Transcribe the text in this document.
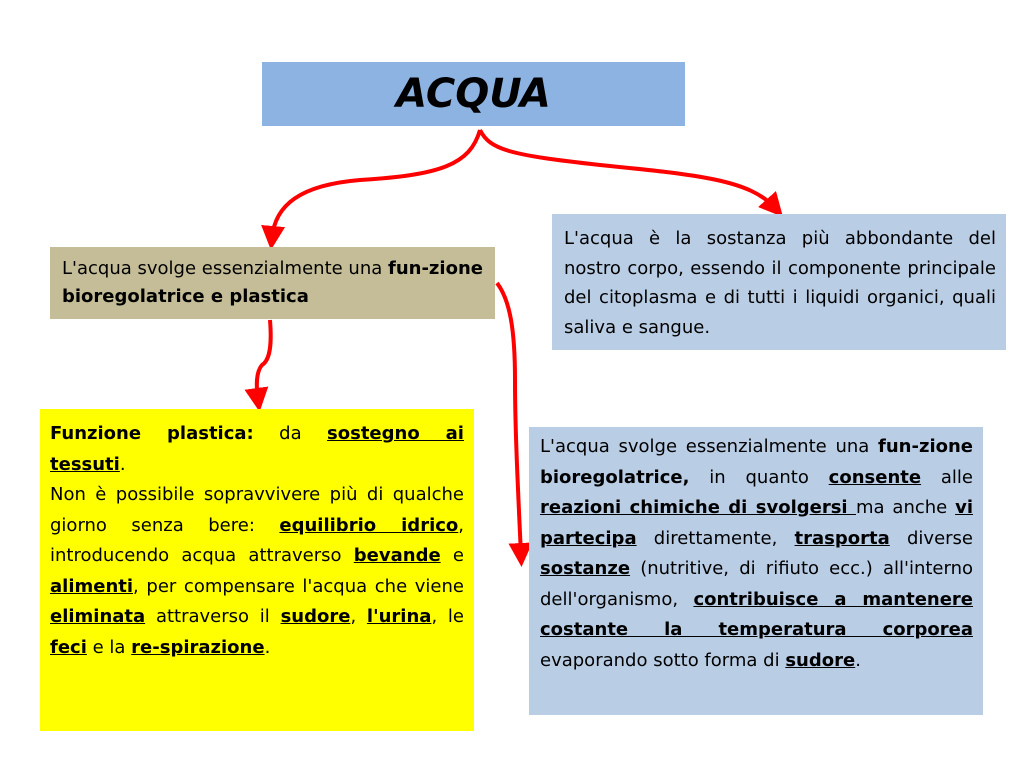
ACQUA
L'acqua svolge essenzialmente una fun-zione bioregolatrice e plastica
L'acqua è la sostanza più abbondante del nostro corpo, essendo il componente principale del citoplasma e di tutti i liquidi organici, quali saliva e sangue.
Funzione plastica: da sostegno ai tessuti.
Non è possibile sopravvivere più di qualche giorno senza bere: equilibrio idrico, introducendo acqua attraverso bevande e alimenti, per compensare l'acqua che viene eliminata attraverso il sudore, l'urina, le feci e la re-spirazione.
L'acqua svolge essenzialmente una fun-zione bioregolatrice, in quanto consente alle reazioni chimiche di svolgersi ma anche vi partecipa direttamente, trasporta diverse sostanze (nutritive, di rifiuto ecc.) all'interno dell'organismo, contribuisce a mantenere costante la temperatura corporea evaporando sotto forma di sudore.
